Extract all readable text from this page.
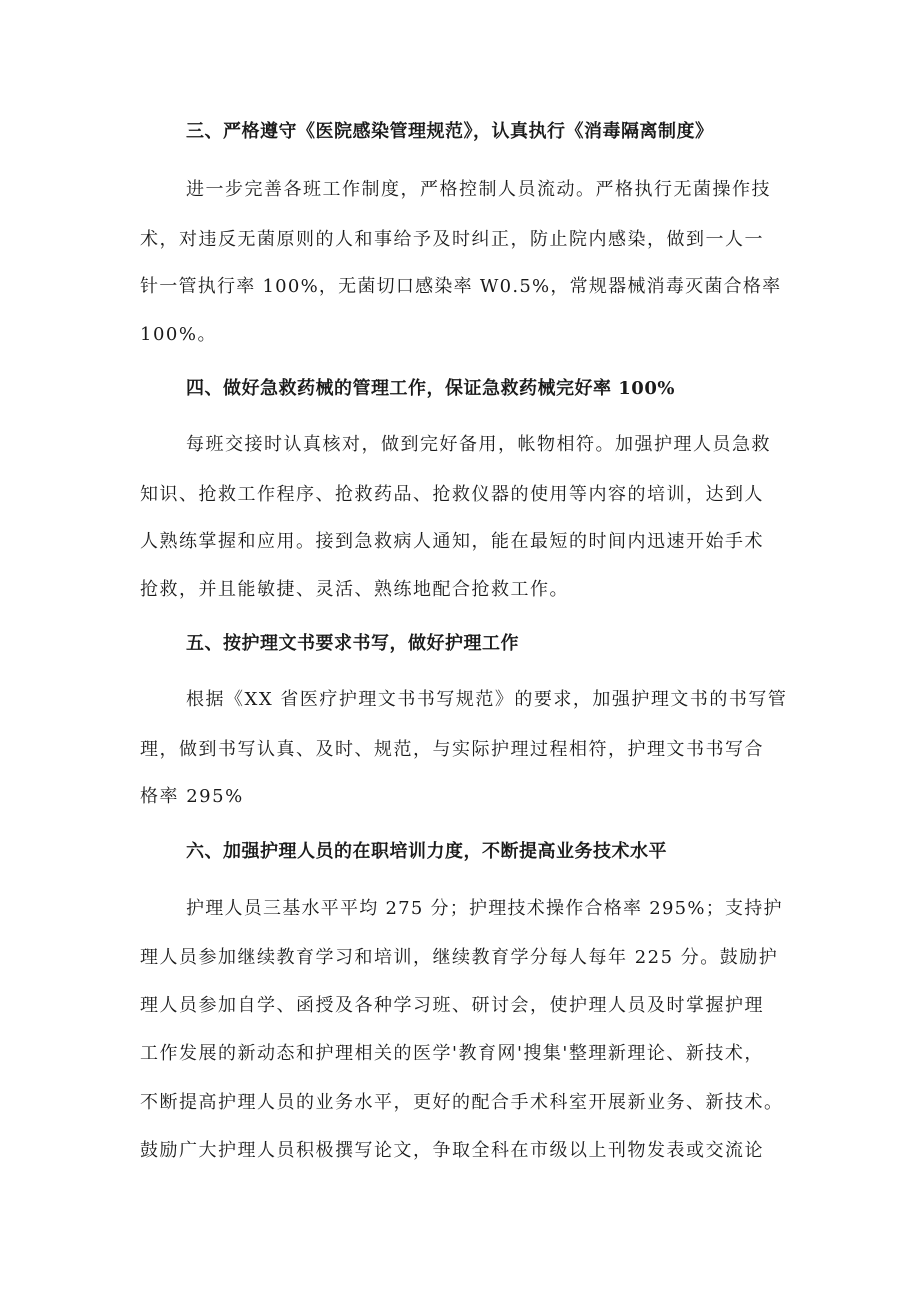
三、严格遵守《医院感染管理规范》，认真执行《消毒隔离制度》
进一步完善各班工作制度，严格控制人员流动。严格执行无菌操作技
术，对违反无菌原则的人和事给予及时纠正，防止院内感染，做到一人一
针一管执行率 100%，无菌切口感染率 W0.5%，常规器械消毒灭菌合格率
100%。
四、做好急救药械的管理工作，保证急救药械完好率 100%
每班交接时认真核对，做到完好备用，帐物相符。加强护理人员急救
知识、抢救工作程序、抢救药品、抢救仪器的使用等内容的培训，达到人
人熟练掌握和应用。接到急救病人通知，能在最短的时间内迅速开始手术
抢救，并且能敏捷、灵活、熟练地配合抢救工作。
五、按护理文书要求书写，做好护理工作
根据《XX 省医疗护理文书书写规范》的要求，加强护理文书的书写管
理，做到书写认真、及时、规范，与实际护理过程相符，护理文书书写合
格率 295%
六、加强护理人员的在职培训力度，不断提高业务技术水平
护理人员三基水平平均 275 分；护理技术操作合格率 295%；支持护
理人员参加继续教育学习和培训，继续教育学分每人每年 225 分。鼓励护
理人员参加自学、函授及各种学习班、研讨会，使护理人员及时掌握护理
工作发展的新动态和护理相关的医学'教育网'搜集'整理新理论、新技术，
不断提高护理人员的业务水平，更好的配合手术科室开展新业务、新技术。
鼓励广大护理人员积极撰写论文，争取全科在市级以上刊物发表或交流论
